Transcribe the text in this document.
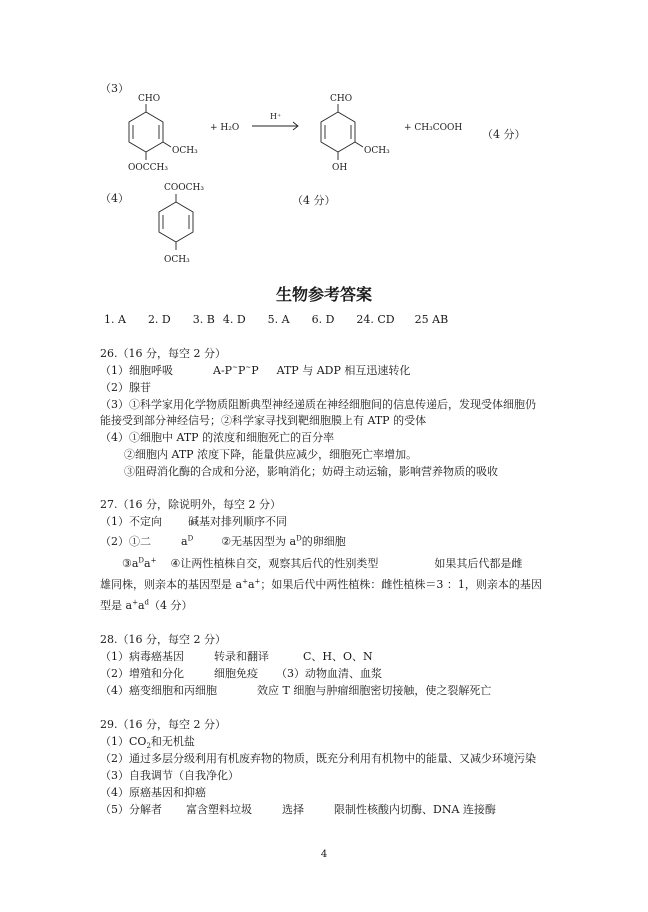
（3）
CHO
OCH₃
OOCCH₃
+ H₂O
H⁺
CHO
OCH₃
OH
+ CH₃COOH （4 分）
（4）
COOCH₃
OCH₃
（4 分）
生物参考答案
1. A 2. D 3. B 4. D 5. A 6. D 24. CD 25 AB
26.（16 分，每空 2 分）
（1）细胞呼吸	A-P~P~P ATP 与 ADP 相互迅速转化
（2）腺苷
（3）①科学家用化学物质阻断典型神经递质在神经细胞间的信息传递后，发现受体细胞仍
能接受到部分神经信号；②科学家寻找到靶细胞膜上有 ATP 的受体
（4）①细胞中 ATP 的浓度和细胞死亡的百分率
②细胞内 ATP 浓度下降，能量供应减少，细胞死亡率增加。
③阻碍消化酶的合成和分泌，影响消化；妨碍主动运输，影响营养物质的吸收
27.（16 分，除说明外，每空 2 分）
（1）不定向 碱基对排列顺序不同
（2）①二	$a^D$	②无基因型为 $a^D$的卵细胞
$③a^Da^+$ ④让两性植株自交，观察其后代的性别类型	如果其后代都是雌
雄同株，则亲本的基因型是 a+a+；如果后代中两性植株：雌性植株＝3 ：1，则亲本的基因
型是 $a^+a^d(4$ 分）
28.（16 分，每空 2 分）
（1）病毒癌基因	转录和翻译	C、H、O、N
（2）增殖和分化	细胞免疫 （3）动物血清、血浆
（4）癌变细胞和丙细胞	效应 T 细胞与肿瘤细胞密切接触，使之裂解死亡
29.（16 分，每空 2 分）
$(1)CO_2$和无机盐
（2）通过多层分级利用有机废弃物的物质，既充分利用有机物中的能量、又减少环境污染
（3）自我调节（自我净化）
（4）原癌基因和抑癌
（5）分解者 富含塑料垃圾	选择	限制性核酸内切酶、DNA 连接酶
4
